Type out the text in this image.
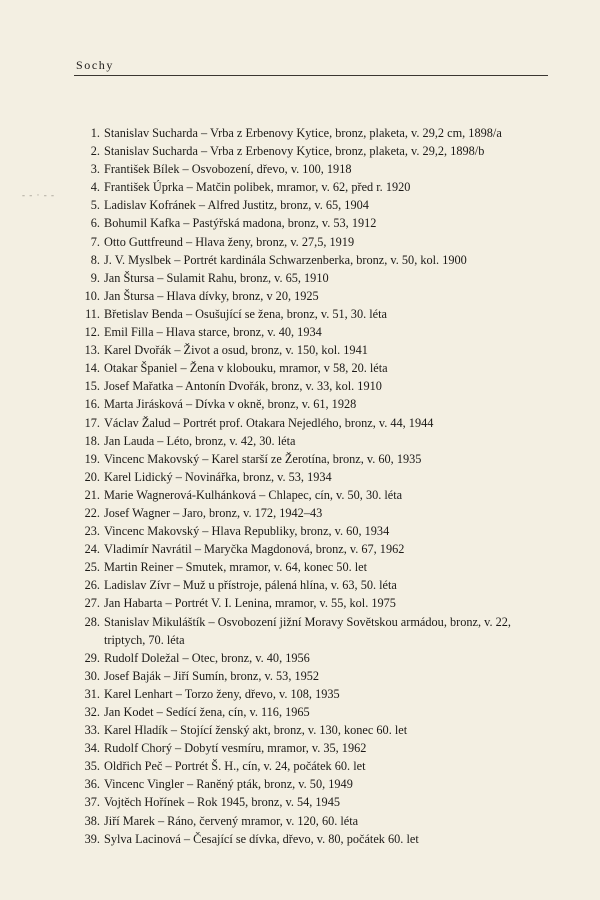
Sochy
- - · - -
1. Stanislav Sucharda – Vrba z Erbenovy Kytice, bronz, plaketa, v. 29,2 cm, 1898/a
2. Stanislav Sucharda – Vrba z Erbenovy Kytice, bronz, plaketa, v. 29,2, 1898/b
3. František Bílek – Osvobození, dřevo, v. 100, 1918
4. František Úprka – Matčin polibek, mramor, v. 62, před r. 1920
5. Ladislav Kofránek – Alfred Justitz, bronz, v. 65, 1904
6. Bohumil Kafka – Pastýřská madona, bronz, v. 53, 1912
7. Otto Guttfreund – Hlava ženy, bronz, v. 27,5, 1919
8. J. V. Myslbek – Portrét kardinála Schwarzenberka, bronz, v. 50, kol. 1900
9. Jan Štursa – Sulamit Rahu, bronz, v. 65, 1910
10. Jan Štursa – Hlava dívky, bronz, v 20, 1925
11. Břetislav Benda – Osušující se žena, bronz, v. 51, 30. léta
12. Emil Filla – Hlava starce, bronz, v. 40, 1934
13. Karel Dvořák – Život a osud, bronz, v. 150, kol. 1941
14. Otakar Španiel – Žena v klobouku, mramor, v 58, 20. léta
15. Josef Mařatka – Antonín Dvořák, bronz, v. 33, kol. 1910
16. Marta Jirásková – Dívka v okně, bronz, v. 61, 1928
17. Václav Žalud – Portrét prof. Otakara Nejedlého, bronz, v. 44, 1944
18. Jan Lauda – Léto, bronz, v. 42, 30. léta
19. Vincenc Makovský – Karel starší ze Žerotína, bronz, v. 60, 1935
20. Karel Lidický – Novinářka, bronz, v. 53, 1934
21. Marie Wagnerová-Kulhánková – Chlapec, cín, v. 50, 30. léta
22. Josef Wagner – Jaro, bronz, v. 172, 1942–43
23. Vincenc Makovský – Hlava Republiky, bronz, v. 60, 1934
24. Vladimír Navrátil – Maryčka Magdonová, bronz, v. 67, 1962
25. Martin Reiner – Smutek, mramor, v. 64, konec 50. let
26. Ladislav Zívr – Muž u přístroje, pálená hlína, v. 63, 50. léta
27. Jan Habarta – Portrét V. I. Lenina, mramor, v. 55, kol. 1975
28. Stanislav Mikuláštík – Osvobození jižní Moravy Sovětskou armádou, bronz, v. 22, triptych, 70. léta
29. Rudolf Doležal – Otec, bronz, v. 40, 1956
30. Josef Baják – Jiří Sumín, bronz, v. 53, 1952
31. Karel Lenhart – Torzo ženy, dřevo, v. 108, 1935
32. Jan Kodet – Sedící žena, cín, v. 116, 1965
33. Karel Hladík – Stojící ženský akt, bronz, v. 130, konec 60. let
34. Rudolf Chorý – Dobytí vesmíru, mramor, v. 35, 1962
35. Oldřich Peč – Portrét Š. H., cín, v. 24, počátek 60. let
36. Vincenc Vingler – Raněný pták, bronz, v. 50, 1949
37. Vojtěch Hořínek – Rok 1945, bronz, v. 54, 1945
38. Jiří Marek – Ráno, červený mramor, v. 120, 60. léta
39. Sylva Lacinová – Česající se dívka, dřevo, v. 80, počátek 60. let
